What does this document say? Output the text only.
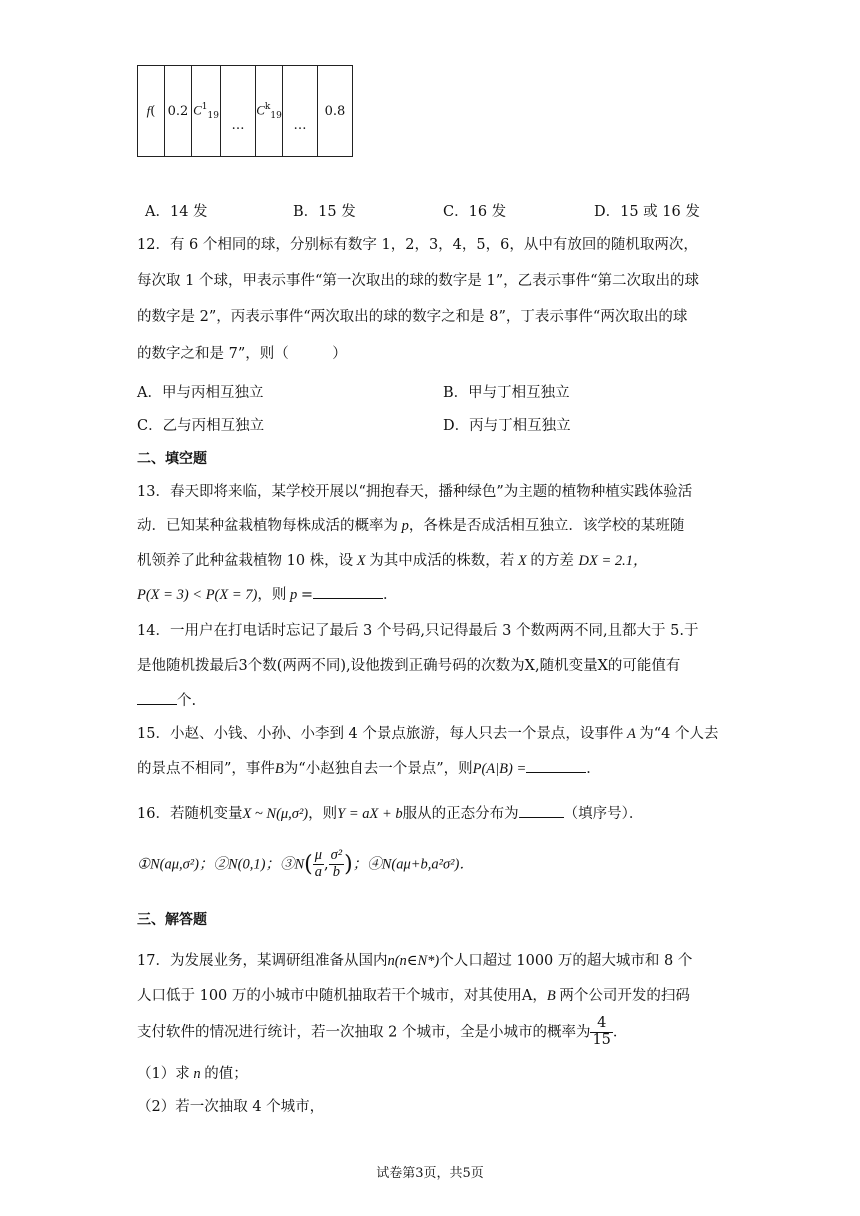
f(	0.2	$C^1_{19}$	…	$C^k_{19}$	…	0.8
A．14 发	B．15 发	C．16 发	D．15 或 16 发
12．有 6 个相同的球，分别标有数字 1，2，3，4，5，6，从中有放回的随机取两次，
每次取 1 个球，甲表示事件“第一次取出的球的数字是 1”，乙表示事件“第二次取出的球
的数字是 2”，丙表示事件“两次取出的球的数字之和是 8”，丁表示事件“两次取出的球
的数字之和是 7”，则（　　　）
A．甲与丙相互独立	B．甲与丁相互独立
C．乙与丙相互独立	D．丙与丁相互独立
二、填空题
13．春天即将来临，某学校开展以“拥抱春天，播种绿色”为主题的植物种植实践体验活
动．已知某种盆栽植物每株成活的概率为 p，各株是否成活相互独立．该学校的某班随
机领养了此种盆栽植物 10 株，设 X 为其中成活的株数，若 X 的方差 DX = 2.1，
P(X = 3) < P(X = 7)，则 p =	．
14．一用户在打电话时忘记了最后 3 个号码,只记得最后 3 个数两两不同,且都大于 5.于
是他随机拨最后3个数(两两不同),设他拨到正确号码的次数为X,随机变量X的可能值有
个.
15．小赵、小钱、小孙、小李到 4 个景点旅游，每人只去一个景点，设事件 A 为“4 个人去
的景点不相同”，事件B为“小赵独自去一个景点”，则P(A|B) =	．
16．若随机变量X ~ N(μ,σ²)，则Y = aX + b服从的正态分布为	（填序号）．
①N(aμ,σ²)；②N(0,1)；③N( $\frac{\mu}{a}$ , $\frac{\text{σ²}}{b}$ )；④N(aμ+b,a²σ²)．
三、解答题
17．为发展业务，某调研组准备从国内n(n∈N*)个人口超过 1000 万的超大城市和 8 个
人口低于 100 万的小城市中随机抽取若干个城市，对其使用A，B 两个公司开发的扫码
支付软件的情况进行统计，若一次抽取 2 个城市，全是小城市的概率为 $\frac{4}{15}$ ．
（1）求 n 的值；
（2）若一次抽取 4 个城市，
试卷第3页，共5页
